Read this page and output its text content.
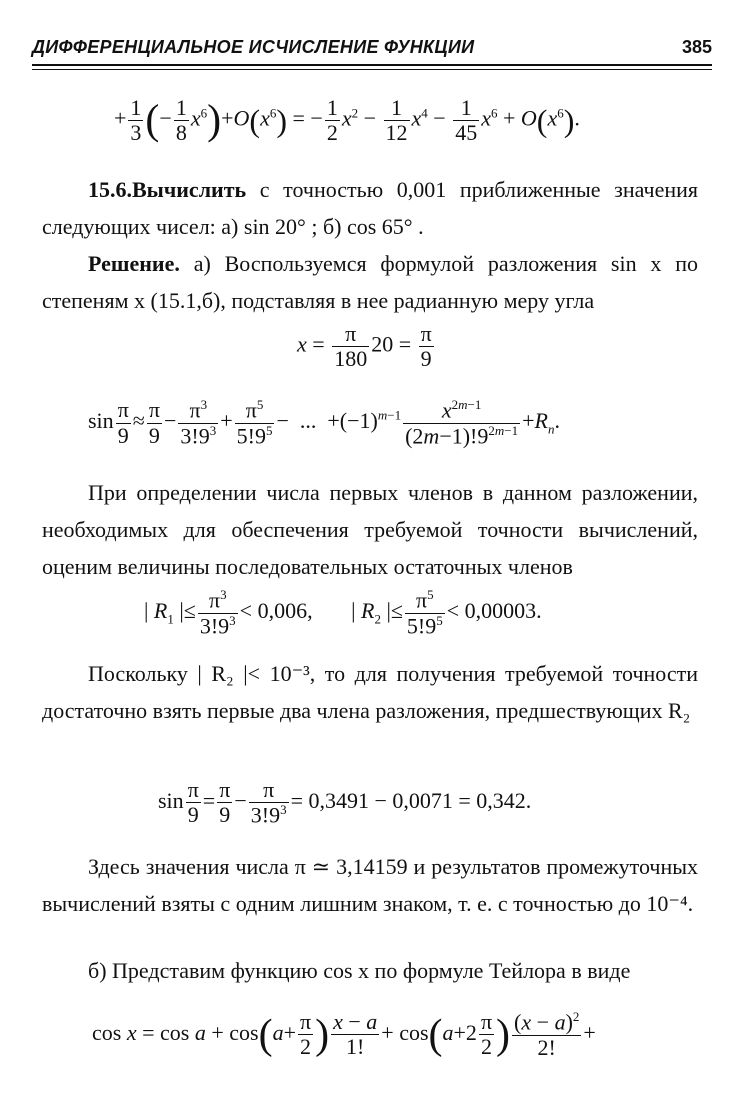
ДИФФЕРЕНЦИАЛЬНОЕ ИСЧИСЛЕНИЕ ФУНКЦИИ	385
+ $\frac{1}{3}$ (− $\frac{1}{8} x^6)+O(x^6)$ = − $\frac{1}{2} x^2 - \frac{1}{12} x^4 - \frac{1}{45} x^6 + O(x^6)$.
15.6.Вычислить с точностью 0,001 приближенные значения следующих чисел: а) sin 20° ; б) cos 65° .
Решение. а) Воспользуемся формулой разложения sin x по степеням x (15.1,б), подставляя в нее радианную меру угла
$x = \frac{\pi}{180} 20 = \frac{\pi}{9}$
$\sin \frac{\pi}{9} \approx \frac{\pi}{9} - \frac{\pi^3}{3!9^3} + \frac{\pi^5}{5!9^5}$ −  ...  $+(-1)^{m-1} \frac{x^{2m-1}}{(2m-1)!9^{2m-1}} +R_n$.
При определении числа первых членов в данном разложении, необходимых для обеспечения требуемой точности вычислений, оценим величины последовательных остаточных членов
| $R_1$ |≤ $\frac{\pi^3}{3!9^3} < 0,006$,       | $R_2$ |≤ $\frac{\pi^5}{5!9^5} < 0,00003$.
Поскольку | R₂ |< 10⁻³, то для получения требуемой точности достаточно взять первые два члена разложения, предшествующих R₂
$\sin \frac{\pi}{9} = \frac{\pi}{9} - \frac{\pi}{3!9^3} = 0,3491 - 0,0071 = 0,342$.
Здесь значения числа π ≃ 3,14159 и результатов промежуточных вычислений взяты с одним лишним знаком, т. е. с точностью до 10⁻⁴.
б) Представим функцию cos x по формуле Тейлора в виде
$\cos x = \cos a + \cos(a+ \frac{\pi}{2}$ ) $\frac{x - a}{1!} + \cos(a+2 \frac{\pi}{2}$ ) $\frac{(x - a)^2}{2!}$ +
